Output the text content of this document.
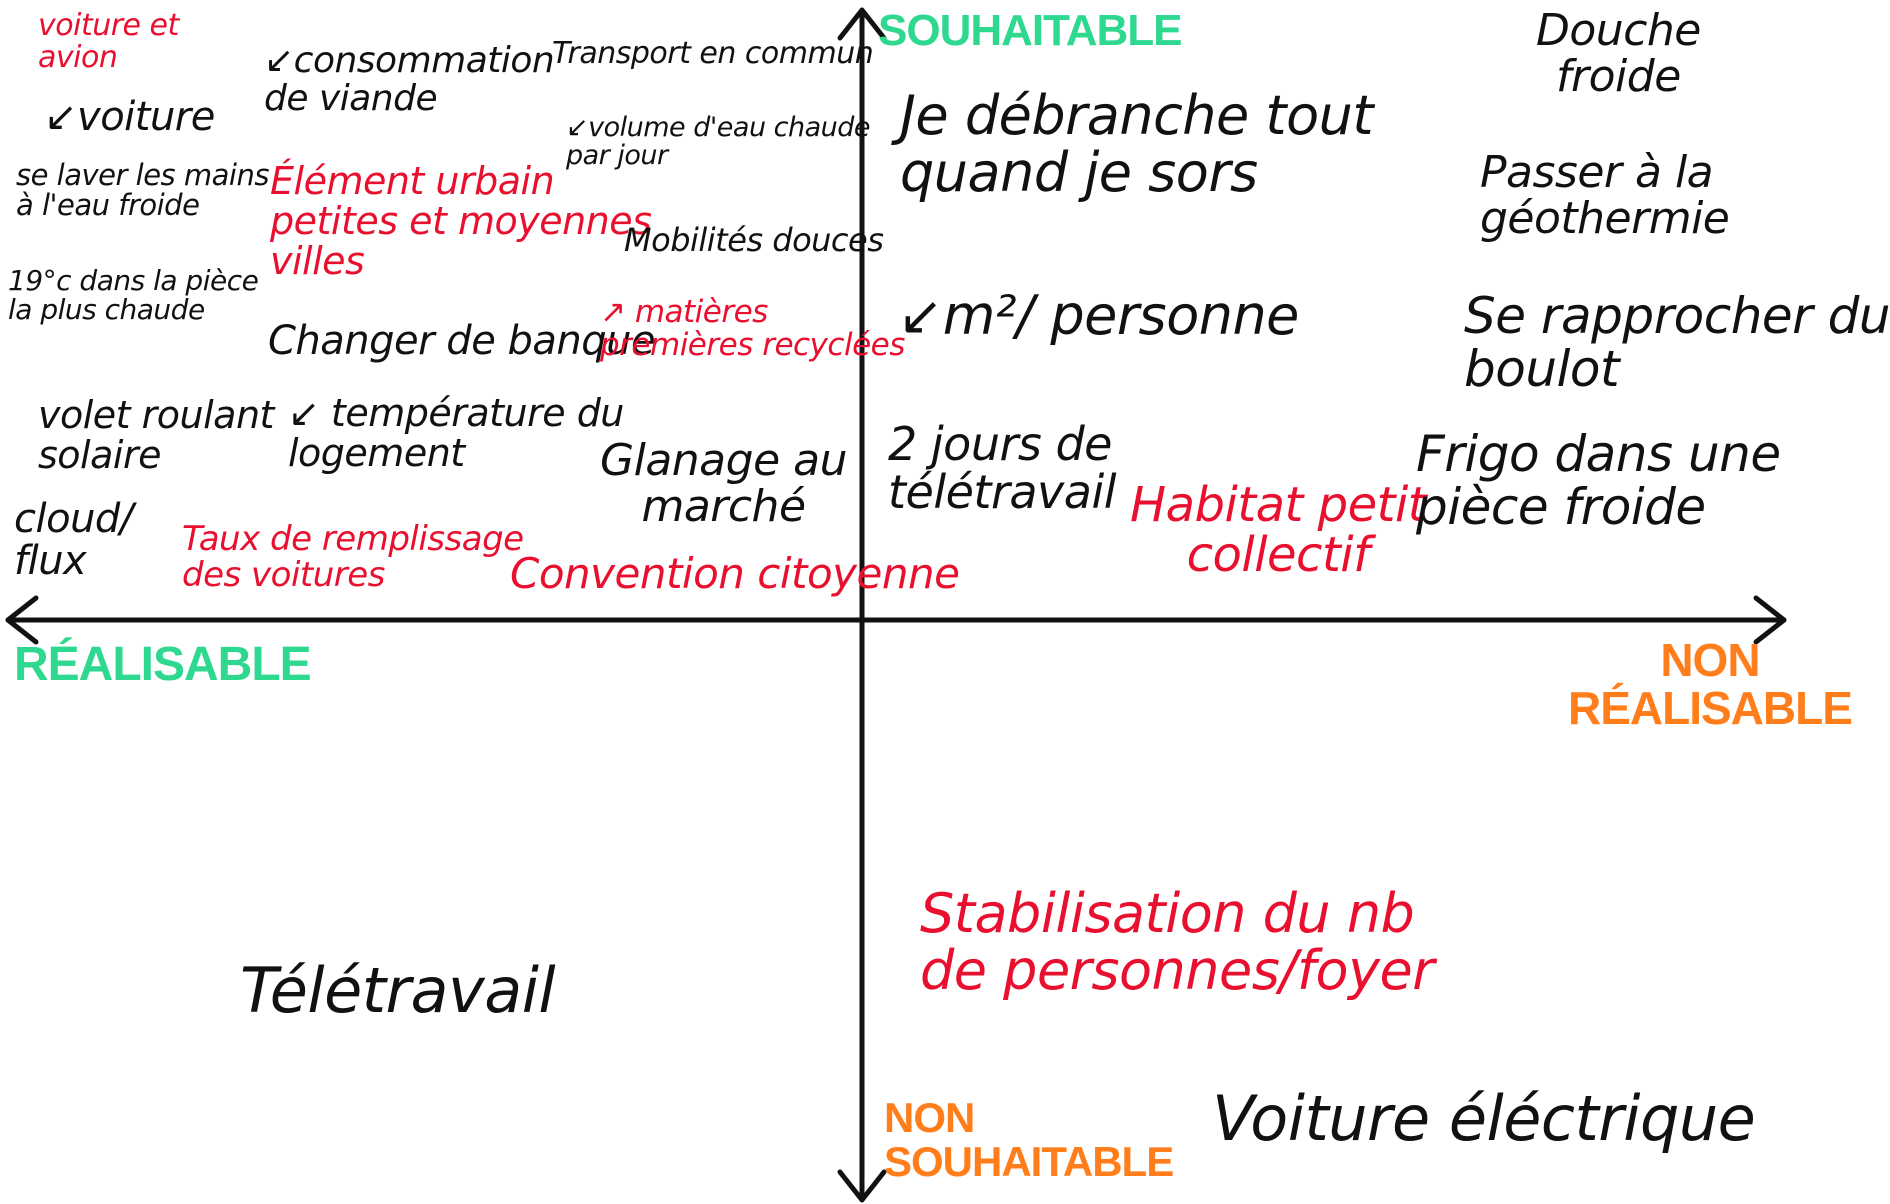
SOUHAITABLE
RÉALISABLE	NON
RÉALISABLE
NON
SOUHAITABLE
voiture et
avion
↙voiture
se laver les mains
à l'eau froide
19°c dans la pièce
la plus chaude
volet roulant
solaire
cloud/
flux
↙consommation
de viande
Élément urbain
petites et moyennes
villes
Changer de banque
↙ température du
logement
Taux de remplissage
des voitures
Transport en commun
↙volume d'eau chaude
par jour
Mobilités douces
↗ matières
premières recyclées
Glanage au
marché
Convention citoyenne
Je débranche tout
quand je sors
↙m²/ personne
2 jours de
télétravail Habitat petit
collectif
Douche
froide
Passer à la
géothermie
Se rapprocher du
boulot
Frigo dans une
pièce froide
Télétravail
Stabilisation du nb
de personnes/foyer
Voiture éléctrique
